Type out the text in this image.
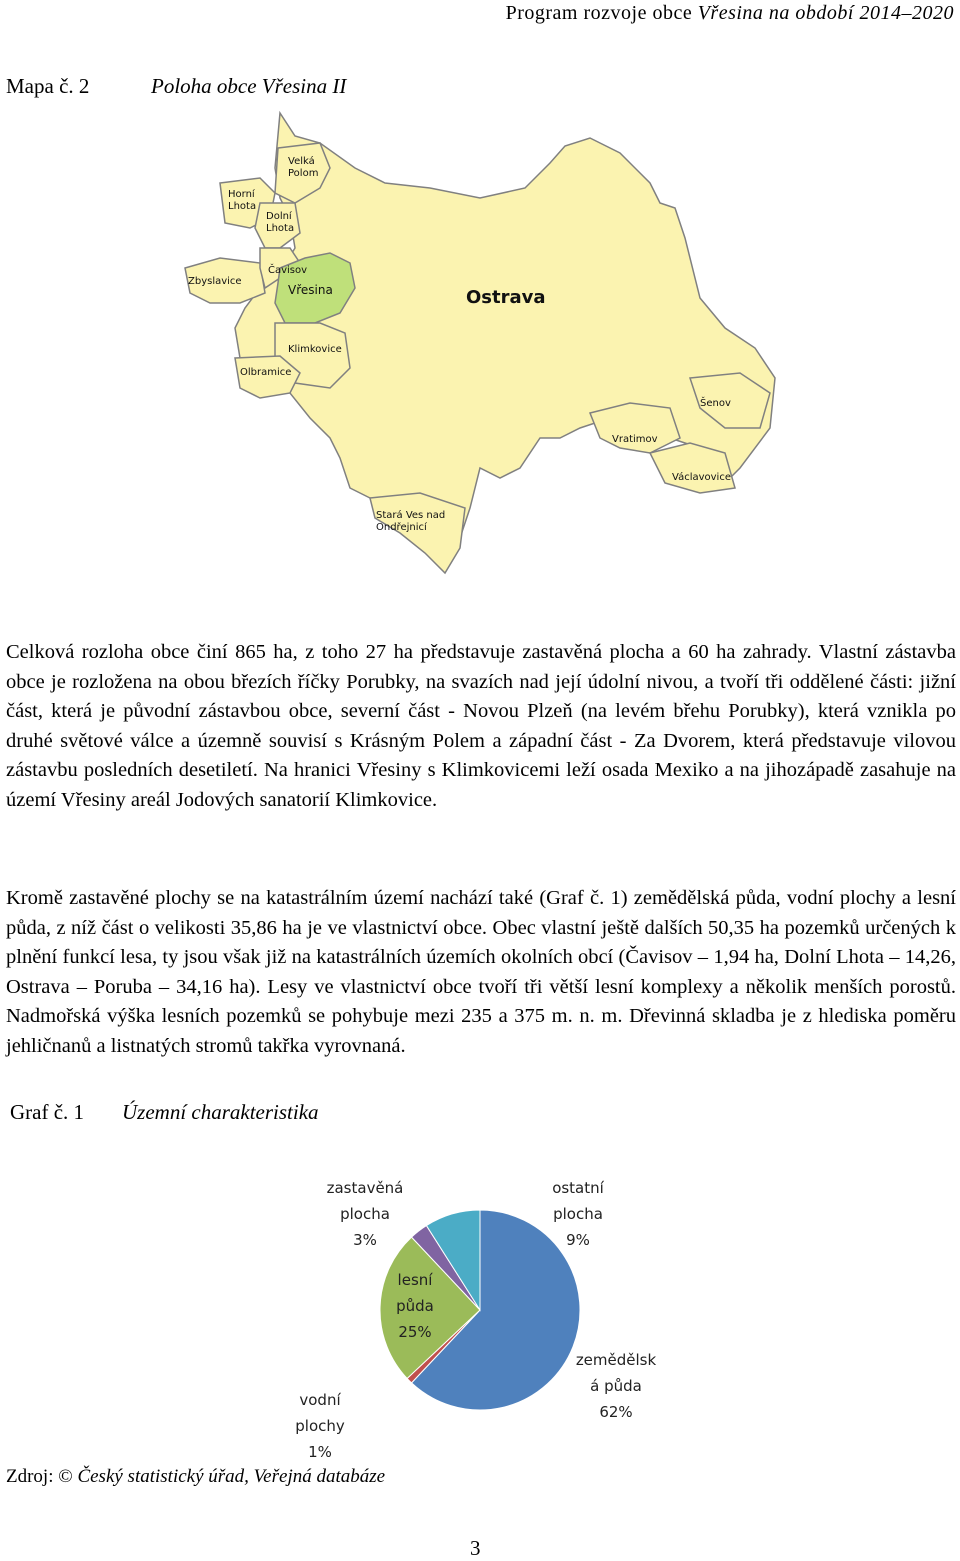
Program rozvoje obce Vřesina na období 2014–2020
Mapa č. 2	Poloha obce Vřesina II
Velká
Polom
Horní
Lhota
Dolní
Lhota
Čavisov
Zbyslavice
Vřesina	Ostrava
Klimkovice
Olbramice
Šenov
Vratimov
Václavovice
Stará Ves nad
Ondřejnicí

Celková rozloha obce činí 865 ha, z toho 27 ha představuje zastavěná plocha a 60 ha zahrady. Vlastní zástavba obce je rozložena na obou březích říčky Porubky, na svazích nad její údolní nivou, a tvoří tři oddělené části: jižní část, která je původní zástavbou obce, severní část - Novou Plzeň (na levém břehu Porubky), která vznikla po druhé světové válce a územně souvisí s Krásným Polem a západní část - Za Dvorem, která představuje vilovou zástavbu posledních desetiletí. Na hranici Vřesiny s Klimkovicemi leží osada Mexiko a na jihozápadě zasahuje na území Vřesiny areál Jodových sanatorií Klimkovice.

Kromě zastavěné plochy se na katastrálním území nachází také (Graf č. 1) zemědělská půda, vodní plochy a lesní půda, z níž část o velikosti 35,86 ha je ve vlastnictví obce. Obec vlastní ještě dalších 50,35 ha pozemků určených k plnění funkcí lesa, ty jsou však již na katastrálních územích okolních obcí (Čavisov – 1,94 ha, Dolní Lhota – 14,26, Ostrava – Poruba – 34,16 ha). Lesy ve vlastnictví obce tvoří tři větší lesní komplexy a několik menších porostů. Nadmořská výška lesních pozemků se pohybuje mezi 235 a 375 m. n. m. Dřevinná skladba je z hlediska poměru jehličnanů a listnatých stromů takřka vyrovnaná.

Graf č. 1 Územní charakteristika
zemědělsk á půda 62%
vodní plochy 1%
lesní půda 25%
zastavěná plocha 3%
ostatní plocha 9%
Zdroj: © Český statistický úřad, Veřejná databáze
3
